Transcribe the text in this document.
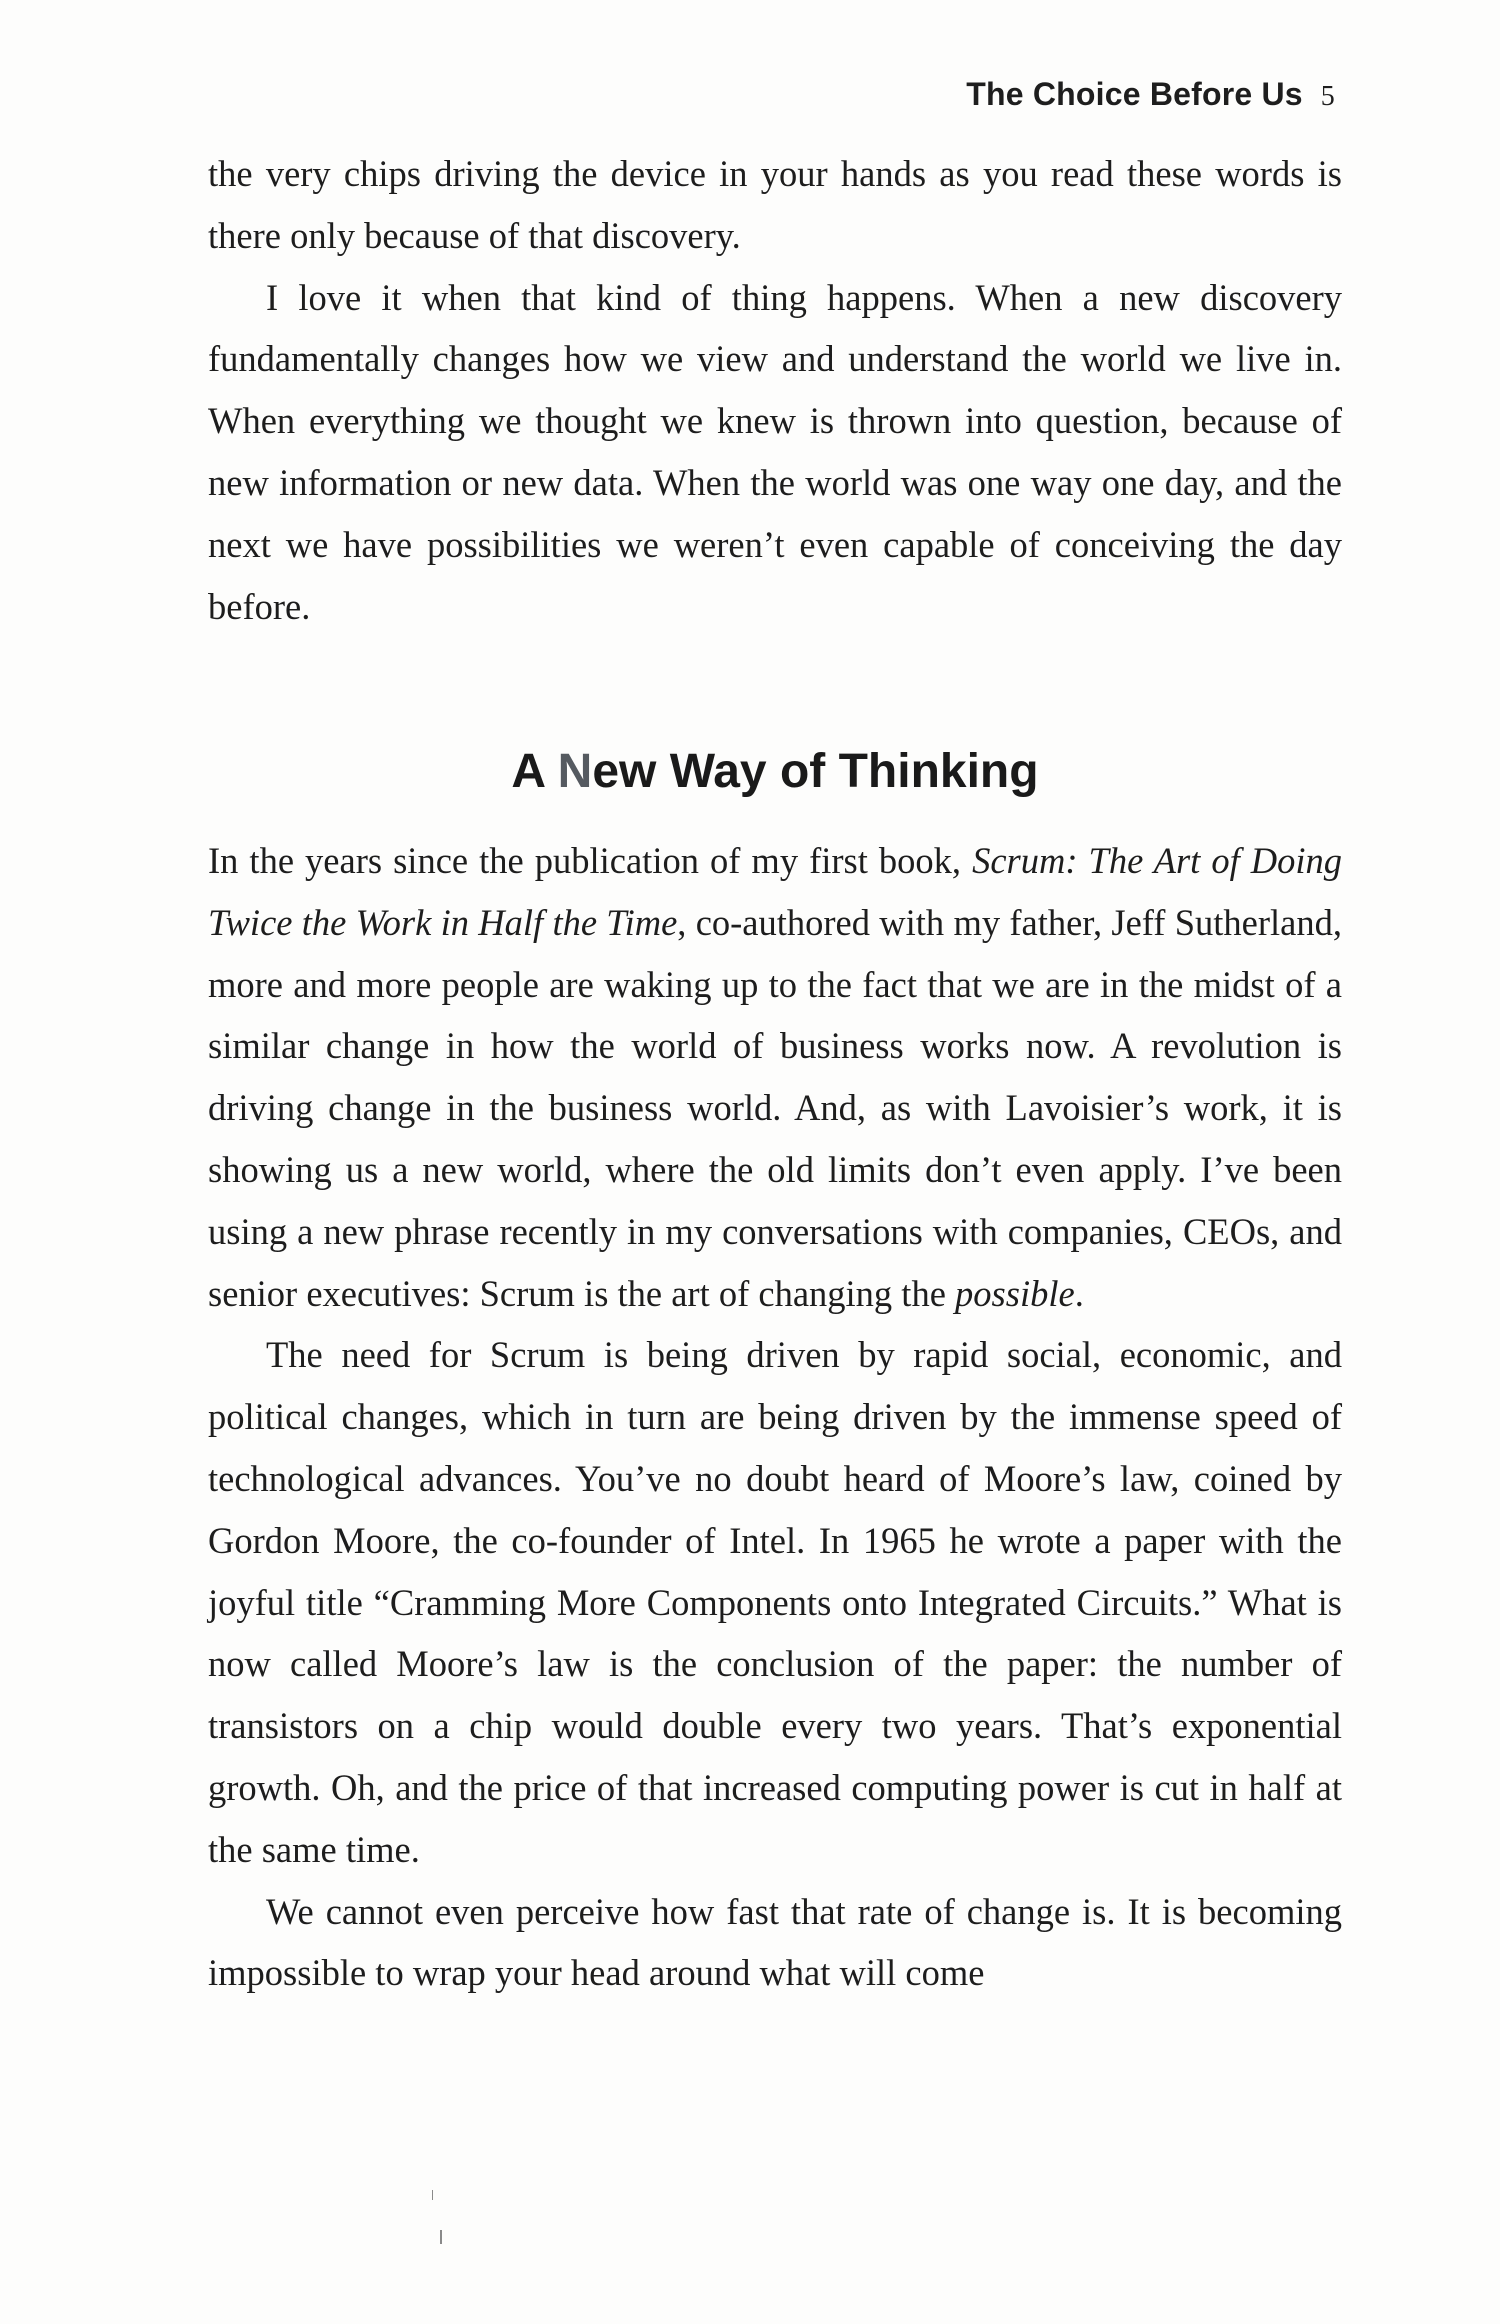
The Choice Before Us 5

the very chips driving the device in your hands as you read these words is there only because of that discovery.

I love it when that kind of thing happens. When a new discovery fundamentally changes how we view and understand the world we live in. When everything we thought we knew is thrown into question, because of new information or new data. When the world was one way one day, and the next we have possibilities we weren’t even capable of conceiving the day before.

A New Way of Thinking

In the years since the publication of my first book, Scrum: The Art of Doing Twice the Work in Half the Time, co-authored with my father, Jeff Sutherland, more and more people are waking up to the fact that we are in the midst of a similar change in how the world of business works now. A revolution is driving change in the business world. And, as with Lavoisier’s work, it is showing us a new world, where the old limits don’t even apply. I’ve been using a new phrase recently in my conversations with companies, CEOs, and senior executives: Scrum is the art of changing the possible.

The need for Scrum is being driven by rapid social, economic, and political changes, which in turn are being driven by the immense speed of technological advances. You’ve no doubt heard of Moore’s law, coined by Gordon Moore, the co-founder of Intel. In 1965 he wrote a paper with the joyful title “Cramming More Components onto Integrated Circuits.” What is now called Moore’s law is the conclusion of the paper: the number of transistors on a chip would double every two years. That’s exponential growth. Oh, and the price of that increased computing power is cut in half at the same time.

We cannot even perceive how fast that rate of change is. It is becoming impossible to wrap your head around what will come
